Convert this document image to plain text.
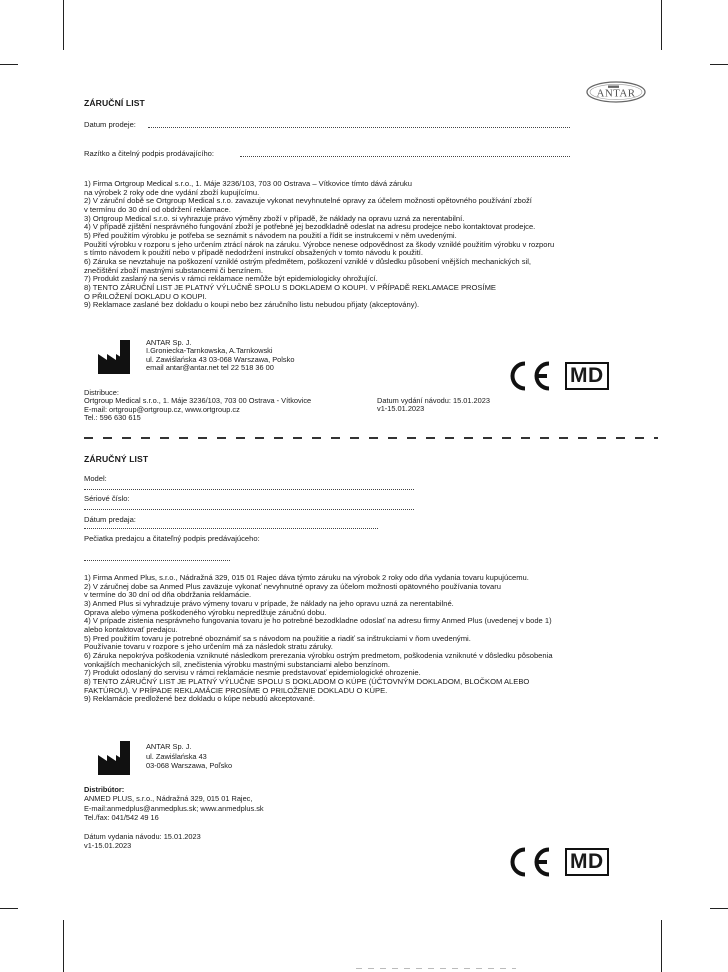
ANTAR
ZÁRUČNÍ LIST
Datum prodeje:
Razítko a čitelný podpis prodávajícího:
1) Firma Ortgroup Medical s.r.o., 1. Máje 3236/103, 703 00 Ostrava – Vítkovice tímto dává záruku
na výrobek 2 roky ode dne vydání zboží kupujícímu.
2) V záruční době se Ortgroup Medical s.r.o. zavazuje vykonat nevyhnutelné opravy za účelem možnosti opětovného používání zboží
v termínu do 30 dní od obdržení reklamace.
3) Ortgroup Medical s.r.o. si vyhrazuje právo výměny zboží v případě, že náklady na opravu uzná za nerentabilní.
4) V případě zjištění nesprávného fungování zboží je potřebné jej bezodkladně odeslat na adresu prodejce nebo kontaktovat prodejce.
5) Před použitím výrobku je potřeba se seznámit s návodem na použití a řídit se instrukcemi v něm uvedenými.
Použití výrobku v rozporu s jeho určením ztrácí nárok na záruku. Výrobce nenese odpovědnost za škody vzniklé použitím výrobku v rozporu
s tímto návodem k použití nebo v případě nedodržení instrukcí obsažených v tomto návodu k použití.
6) Záruka se nevztahuje na poškození vzniklé ostrým předmětem, poškození vzniklé v důsledku působení vnějších mechanických sil,
znečištění zboží mastnými substancemi či benzínem.
7) Produkt zaslaný na servis v rámci reklamace nemůže být epidemiologicky ohrožující.
8) TENTO ZÁRUČNÍ LIST JE PLATNÝ VÝLUČNĚ SPOLU S DOKLADEM O KOUPI. V PŘÍPADĚ REKLAMACE PROSÍME
O PŘILOŽENÍ DOKLADU O KOUPI.
9) Reklamace zaslané bez dokladu o koupi nebo bez záručního listu nebudou přijaty (akceptovány).
ANTAR Sp. J.
I.Groniecka-Tarnkowska, A.Tarnkowski
ul. Zawiślańska 43 03-068 Warszawa, Polsko
email antar@antar.net tel 22 518 36 00	MD
Distribuce:
Ortgroup Medical s.r.o., 1. Máje 3236/103, 703 00 Ostrava - Vítkovice
E-mail: ortgroup@ortgroup.cz, www.ortgroup.cz
Tel.: 596 630 615
Datum vydání návodu: 15.01.2023
v1-15.01.2023
ZÁRUČNÝ LIST
Model:
Sériové číslo:
Dátum predaja:
Pečiatka predajcu a čitateľný podpis predávajúceho:
1) Firma Anmed Plus, s.r.o., Nádražná 329, 015 01 Rajec dáva týmto záruku na výrobok 2 roky odo dňa vydania tovaru kupujúcemu.
2) V záručnej dobe sa Anmed Plus zaväzuje vykonať nevyhnutné opravy za účelom možnosti opätovného používania tovaru
v termíne do 30 dní od dňa obdržania reklamácie.
3) Anmed Plus si vyhradzuje právo výmeny tovaru v prípade, že náklady na jeho opravu uzná za nerentabilné.
Oprava alebo výmena poškodeného výrobku nepredlžuje záručnú dobu.
4) V prípade zistenia nesprávneho fungovania tovaru je ho potrebné bezodkladne odoslať na adresu firmy Anmed Plus (uvedenej v bode 1)
alebo kontaktovať predajcu.
5) Pred použitím tovaru je potrebné oboznámiť sa s návodom na použitie a riadiť sa inštrukciami v ňom uvedenými.
Používanie tovaru v rozpore s jeho určením má za následok stratu záruky.
6) Záruka nepokrýva poškodenia vzniknuté následkom prerezania výrobku ostrým predmetom, poškodenia vzniknuté v dôsledku pôsobenia
vonkajších mechanických síl, znečistenia výrobku mastnými substanciami alebo benzínom.
7) Produkt odoslaný do servisu v rámci reklamácie nesmie predstavovať epidemiologické ohrozenie.
8) TENTO ZÁRUČNÝ LIST JE PLATNÝ VÝLUČNE SPOLU S DOKLADOM O KÚPE (ÚČTOVNÝM DOKLADOM, BLOČKOM ALEBO
FAKTÚROU). V PRÍPADE REKLAMÁCIE PROSÍME O PRILOŽENIE DOKLADU O KÚPE.
9) Reklamácie predložené bez dokladu o kúpe nebudú akceptované.
ANTAR Sp. J.
ul. Zawiślańska 43
03-068 Warszawa, Poľsko
Distribútor:
ANMED PLUS, s.r.o., Nádražná 329, 015 01 Rajec,
E-mail:anmedplus@anmedplus.sk; www.anmedplus.sk
Tel./fax: 041/542 49 16
Dátum vydania návodu: 15.01.2023
v1-15.01.2023
MD
